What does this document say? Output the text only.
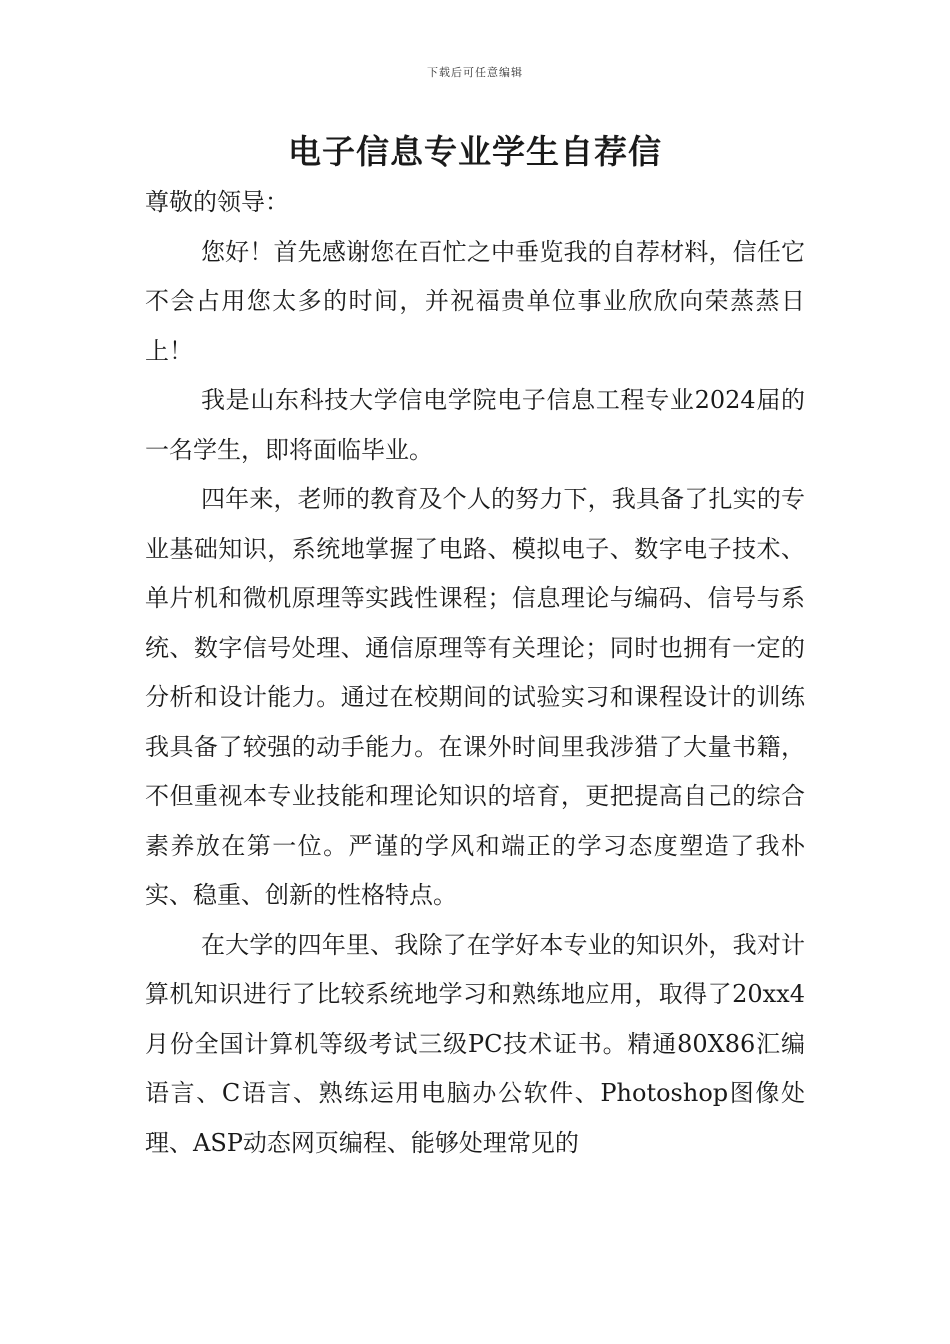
下载后可任意编辑
电子信息专业学生自荐信

尊敬的领导：

您好！首先感谢您在百忙之中垂览我的自荐材料，信任它不会占用您太多的时间，并祝福贵单位事业欣欣向荣蒸蒸日上！

我是山东科技大学信电学院电子信息工程专业2024届的一名学生，即将面临毕业。

四年来，老师的教育及个人的努力下，我具备了扎实的专业基础知识，系统地掌握了电路、模拟电子、数字电子技术、单片机和微机原理等实践性课程；信息理论与编码、信号与系统、数字信号处理、通信原理等有关理论；同时也拥有一定的分析和设计能力。通过在校期间的试验实习和课程设计的训练我具备了较强的动手能力。在课外时间里我涉猎了大量书籍，不但重视本专业技能和理论知识的培育，更把提高自己的综合素养放在第一位。严谨的学风和端正的学习态度塑造了我朴实、稳重、创新的性格特点。

在大学的四年里、我除了在学好本专业的知识外，我对计算机知识进行了比较系统地学习和熟练地应用，取得了20xx4月份全国计算机等级考试三级PC技术证书。精通80X86汇编语言、C语言、熟练运用电脑办公软件、Photoshop图像处理、ASP动态网页编程、能够处理常见的
